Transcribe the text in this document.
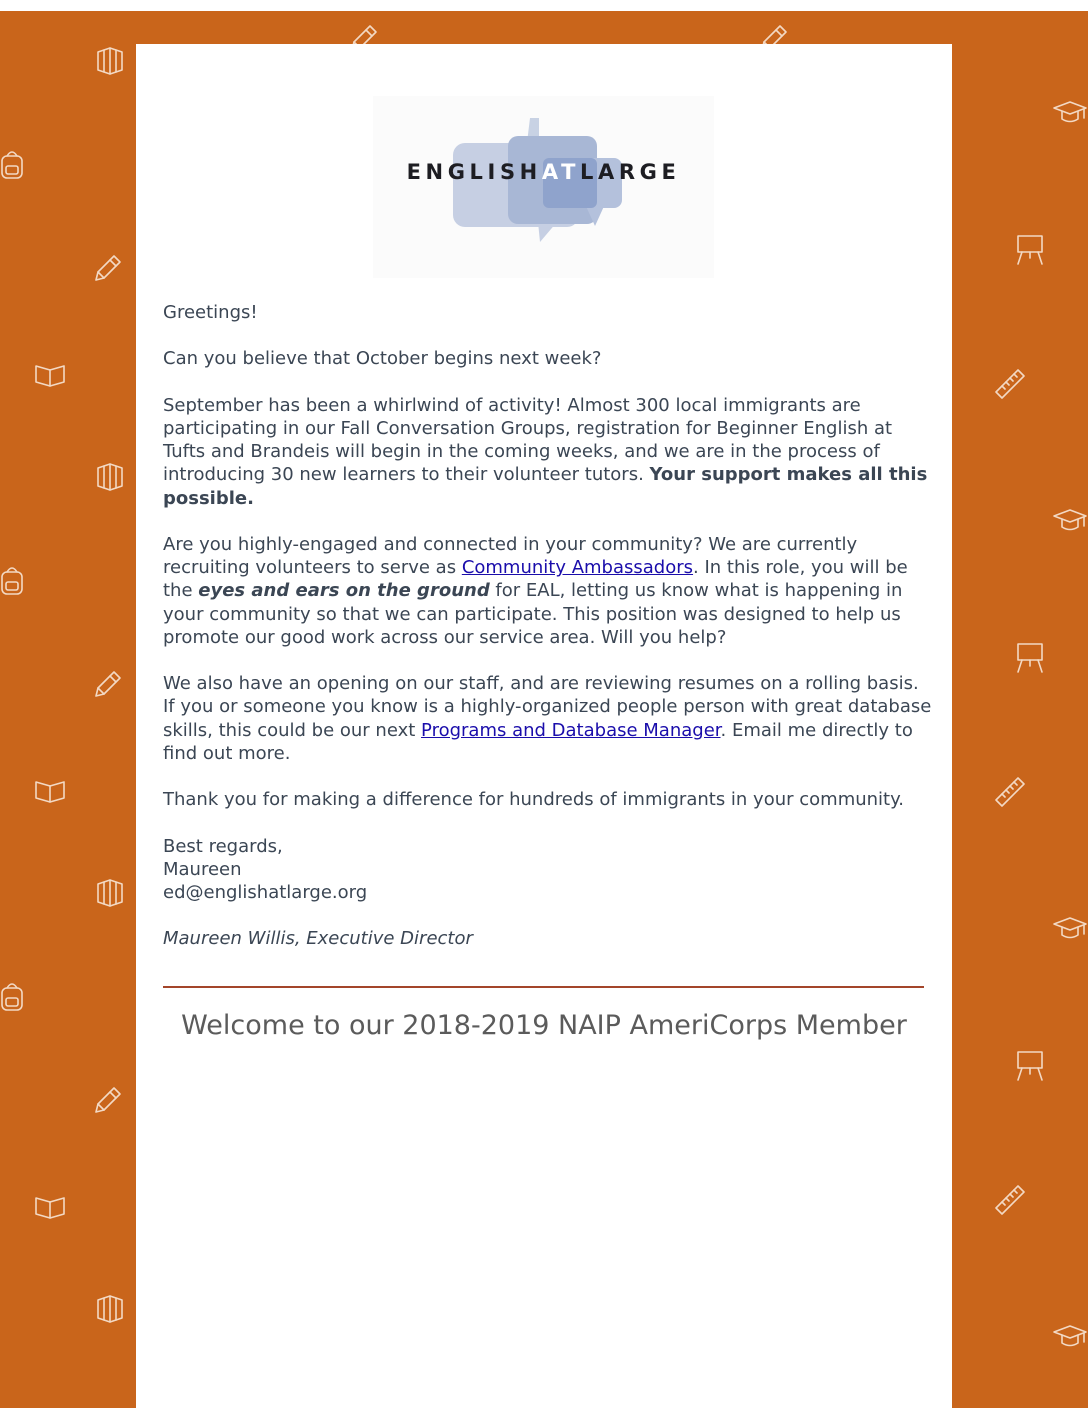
ENGLISHATLARGE

Greetings!

Can you believe that October begins next week?

September has been a whirlwind of activity! Almost 300 local immigrants are participating in our Fall Conversation Groups, registration for Beginner English at Tufts and Brandeis will begin in the coming weeks, and we are in the process of introducing 30 new learners to their volunteer tutors. Your support makes all this possible.

Are you highly-engaged and connected in your community? We are currently recruiting volunteers to serve as Community Ambassadors. In this role, you will be the eyes and ears on the ground for EAL, letting us know what is happening in your community so that we can participate. This position was designed to help us promote our good work across our service area. Will you help?

We also have an opening on our staff, and are reviewing resumes on a rolling basis. If you or someone you know is a highly-organized people person with great database skills, this could be our next Programs and Database Manager. Email me directly to find out more.

Thank you for making a difference for hundreds of immigrants in your community.

Best regards,
Maureen
ed@englishatlarge.org

Maureen Willis, Executive Director

Welcome to our 2018-2019 NAIP AmeriCorps Member
